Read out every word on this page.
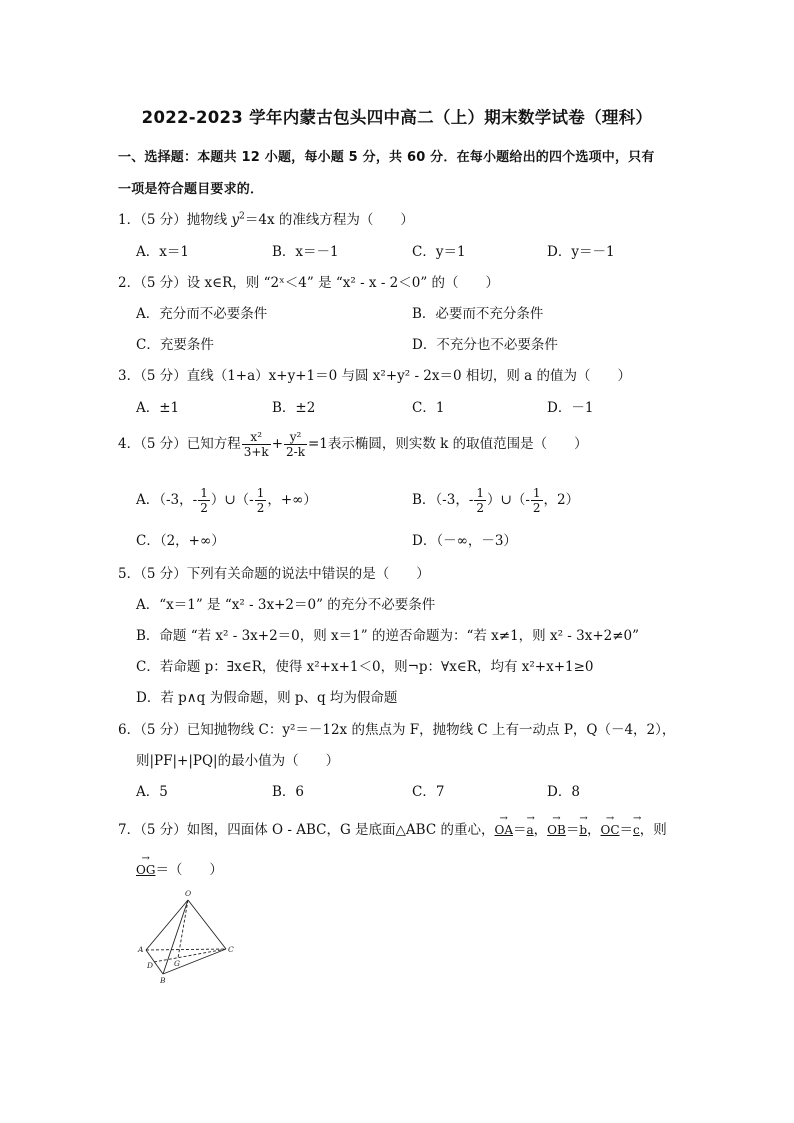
2022-2023 学年内蒙古包头四中高二（上）期末数学试卷（理科）
一、选择题：本题共 12 小题，每小题 5 分，共 60 分．在每小题给出的四个选项中，只有
一项是符合题目要求的．
1．（5 分）抛物线 $y^2=4x$ 的准线方程为（　　）
A．x＝1	B．x＝－1	C．y＝1	D．y＝－1
2．（5 分）设 x∈R，则 “2ˣ＜4” 是 “x² - x - 2＜0” 的（　　）
A．充分而不必要条件	B．必要而不充分条件
C．充要条件	D．不充分也不必要条件
3．（5 分）直线（1+a）x+y+1＝0 与圆 x²+y² - 2x＝0 相切，则 a 的值为（　　）
A．±1	B．±2	C．1	D．－1
4．（5 分）已知方程 $\frac{\text{x²}}{3+k} + \frac{\text{y²}}{2-k} =1$表示椭圆，则实数 k 的取值范围是（　　）
A．（-3，- $\frac{1}{2}$ ）∪（- $\frac{1}{2}$ ，+∞）	B．（-3，- $\frac{1}{2}$ ）∪（- $\frac{1}{2}$ ，2）
C．（2，+∞）	D．（－∞，－3）
5．（5 分）下列有关命题的说法中错误的是（　　）
A．“x＝1” 是 “x² - 3x+2＝0” 的充分不必要条件
B．命题 “若 x² - 3x+2＝0，则 x＝1” 的逆否命题为：“若 x≠1，则 x² - 3x+2≠0”
C．若命题 p：∃x∈R，使得 x²+x+1＜0，则¬p：∀x∈R，均有 x²+x+1≥0
D．若 p∧q 为假命题，则 p、q 均为假命题
6．（5 分）已知抛物线 C：y²＝－12x 的焦点为 F，抛物线 C 上有一动点 P，Q（－4，2），
则|PF|+|PQ|的最小值为（　　）
A．5	B．6	C．7	D．8
7．（5 分）如图，四面体 O - ABC，G 是底面△ABC 的重心，→ OA＝→ a，→ OB＝→ b，→ OC＝→ c，则
→ OG＝（　　）
O
A
B
C
D	G
